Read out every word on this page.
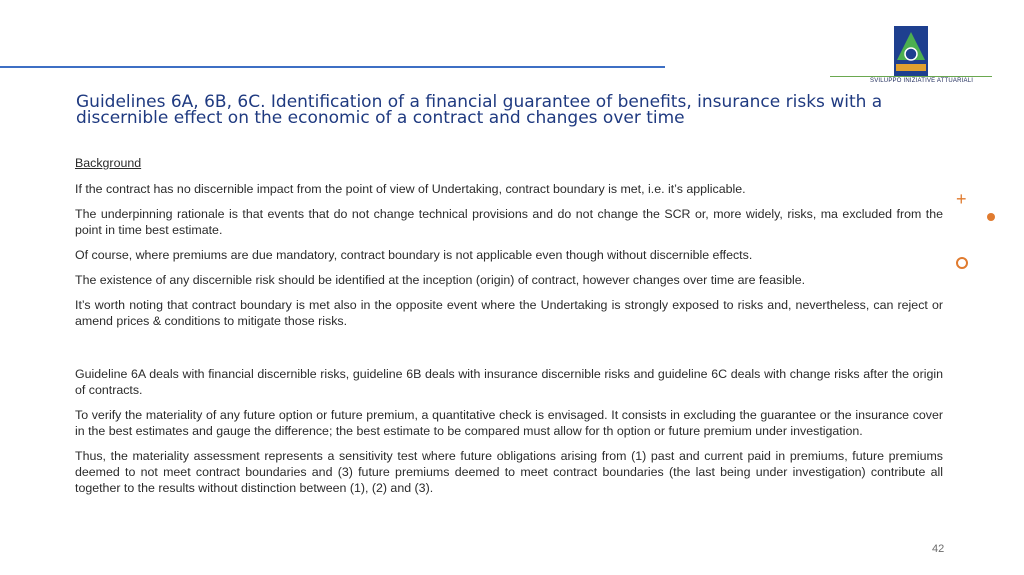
SVILUPPO INIZIATIVE ATTUARIALI
Guidelines 6A, 6B, 6C. Identification of a financial guarantee of benefits, insurance risks with a discernible effect on the economic of a contract and changes over time

Background

If the contract has no discernible impact from the point of view of Undertaking, contract boundary is met, i.e. it’s applicable.

The underpinning rationale is that events that do not change technical provisions and do not change the SCR or, more widely, risks, ma excluded from the point in time best estimate.

Of course, where premiums are due mandatory, contract boundary is not applicable even though without discernible effects.

The existence of any discernible risk should be identified at the inception (origin) of contract, however changes over time are feasible.

It’s worth noting that contract boundary is met also in the opposite event where the Undertaking is strongly exposed to risks and, nevertheless, can reject or amend prices & conditions to mitigate those risks.

Guideline 6A deals with financial discernible risks, guideline 6B deals with insurance discernible risks and guideline 6C deals with change risks after the origin of contracts.

To verify the materiality of any future option or future premium, a quantitative check is envisaged. It consists in excluding the guarantee or the insurance cover in the best estimates and gauge the difference; the best estimate to be compared must allow for th option or future premium under investigation.

Thus, the materiality assessment represents a sensitivity test where future obligations arising from (1) past and current paid in premiums, future premiums deemed to not meet contract boundaries and (3) future premiums deemed to meet contract boundaries (the last being under investigation) contribute all together to the results without distinction between (1), (2) and (3).

+
42
